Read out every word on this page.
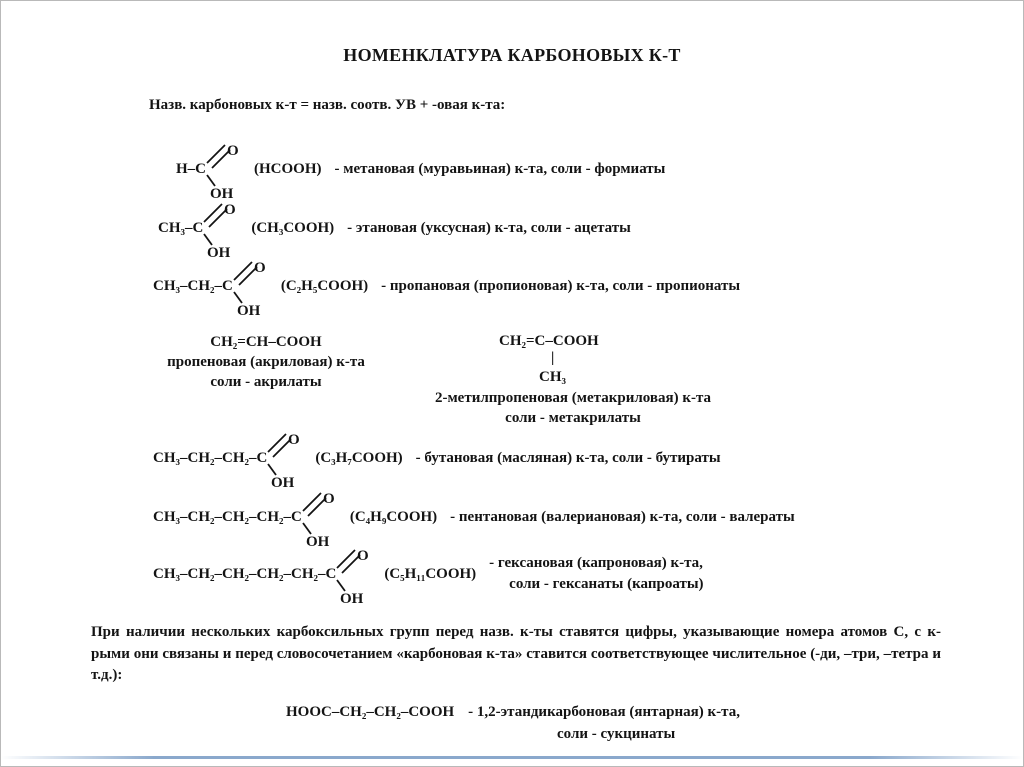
НОМЕНКЛАТУРА КАРБОНОВЫХ К-Т
Назв. карбоновых к-т = назв. соотв. УВ + -овая к-та:
H–C
O
OH
(HCOOH) - метановая (муравьиная) к-та, соли - формиаты
CH₃–C
O
OH
(CH₃COOH) - этановая (уксусная) к-та, соли - ацетаты
CH₃–CH₂–C
O
OH
(C₂H₅COOH) - пропановая (пропионовая) к-та, соли - пропионаты
CH₂=CH–COOH
пропеновая (акриловая) к-та
соли - акрилаты
CH₂=C–COOH
|
CH₃
2-метилпропеновая (метакриловая) к-та
соли - метакрилаты
CH₃–CH₂–CH₂–C
O
OH
(C₃H₇COOH) - бутановая (масляная) к-та, соли - бутираты
CH₃–CH₂–CH₂–CH₂–C
O
OH
(C₄H₉COOH) - пентановая (валериановая) к-та, соли - валераты
CH₃–CH₂–CH₂–CH₂–CH₂–C
O
OH
(C₅H₁₁COOH)
- гексановая (капроновая) к-та,
соли - гексанаты (капроаты)

При наличии нескольких карбоксильных групп перед назв. к-ты ставятся цифры, указывающие номера атомов С, с к-рыми они связаны и перед словосочетанием «карбоновая к-та» ставится соответствующее числительное (-ди, –три, –тетра и т.д.):

HOOC–CH₂–CH₂–COOH - 1,2-этандикарбоновая (янтарная) к-та,
соли - сукцинаты
